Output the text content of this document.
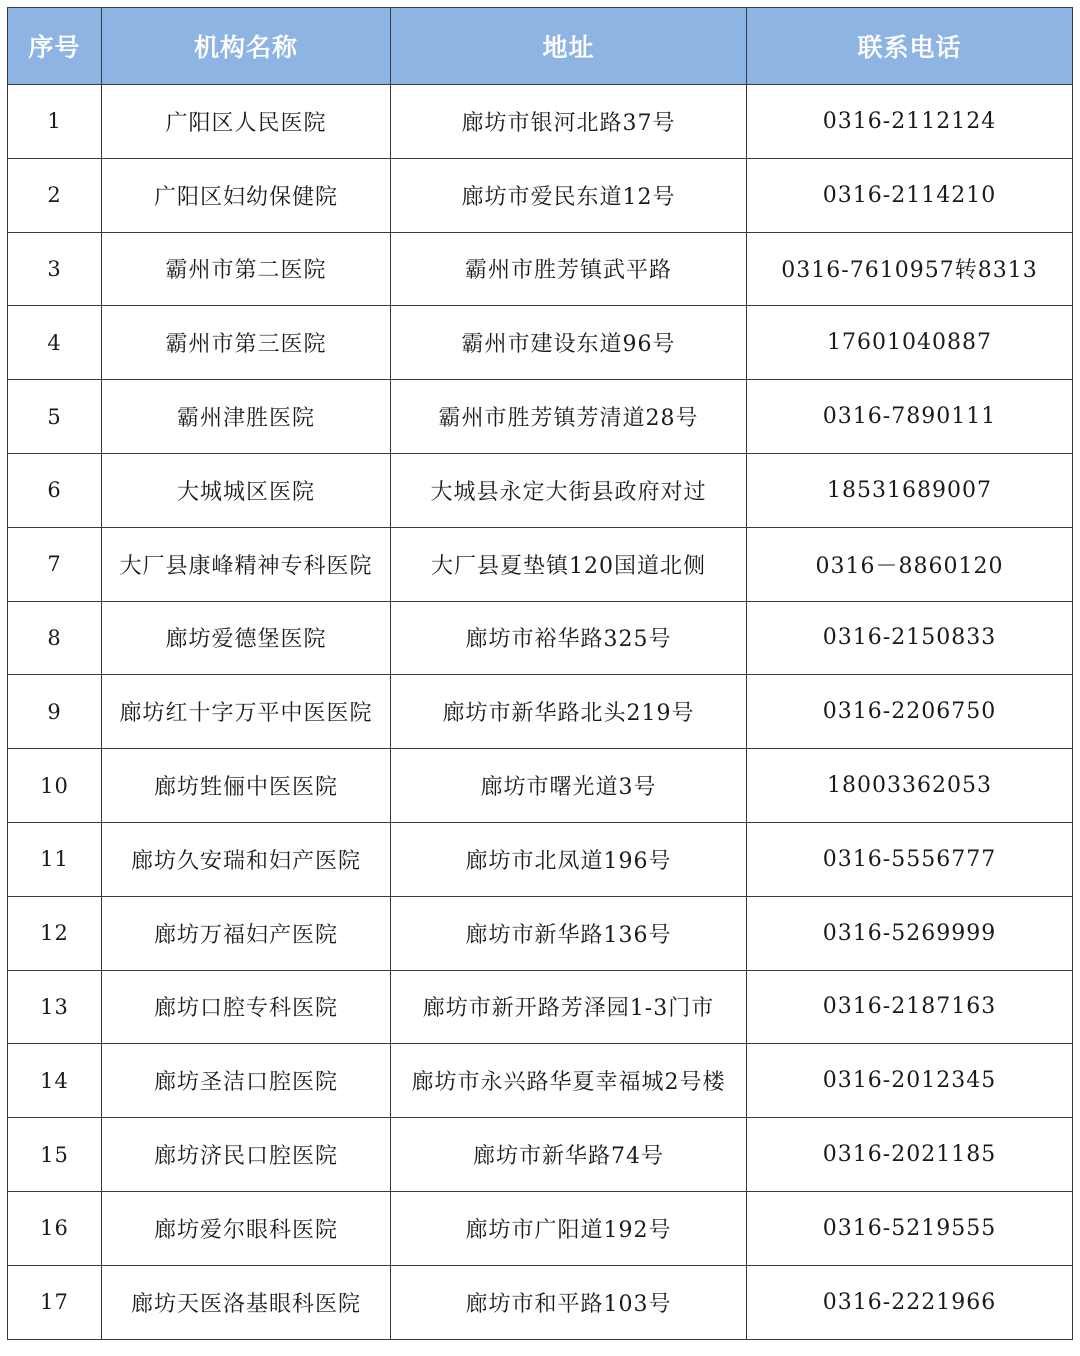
序号	机构名称	地址	联系电话
1	广阳区人民医院	廊坊市银河北路37号	0316-2112124
2	广阳区妇幼保健院	廊坊市爱民东道12号	0316-2114210
3	霸州市第二医院	霸州市胜芳镇武平路	0316-7610957转8313
4	霸州市第三医院	霸州市建设东道96号	17601040887
5	霸州津胜医院	霸州市胜芳镇芳清道28号	0316-7890111
6	大城城区医院	大城县永定大街县政府对过	18531689007
7	大厂县康峰精神专科医院	大厂县夏垫镇120国道北侧	0316－8860120
8	廊坊爱德堡医院	廊坊市裕华路325号	0316-2150833
9	廊坊红十字万平中医医院	廊坊市新华路北头219号	0316-2206750
10	廊坊甡俪中医医院	廊坊市曙光道3号	18003362053
11	廊坊久安瑞和妇产医院	廊坊市北凤道196号	0316-5556777
12	廊坊万福妇产医院	廊坊市新华路136号	0316-5269999
13	廊坊口腔专科医院	廊坊市新开路芳泽园1-3门市	0316-2187163
14	廊坊圣洁口腔医院	廊坊市永兴路华夏幸福城2号楼	0316-2012345
15	廊坊济民口腔医院	廊坊市新华路74号	0316-2021185
16	廊坊爱尔眼科医院	廊坊市广阳道192号	0316-5219555
17	廊坊天医洛基眼科医院	廊坊市和平路103号	0316-2221966
